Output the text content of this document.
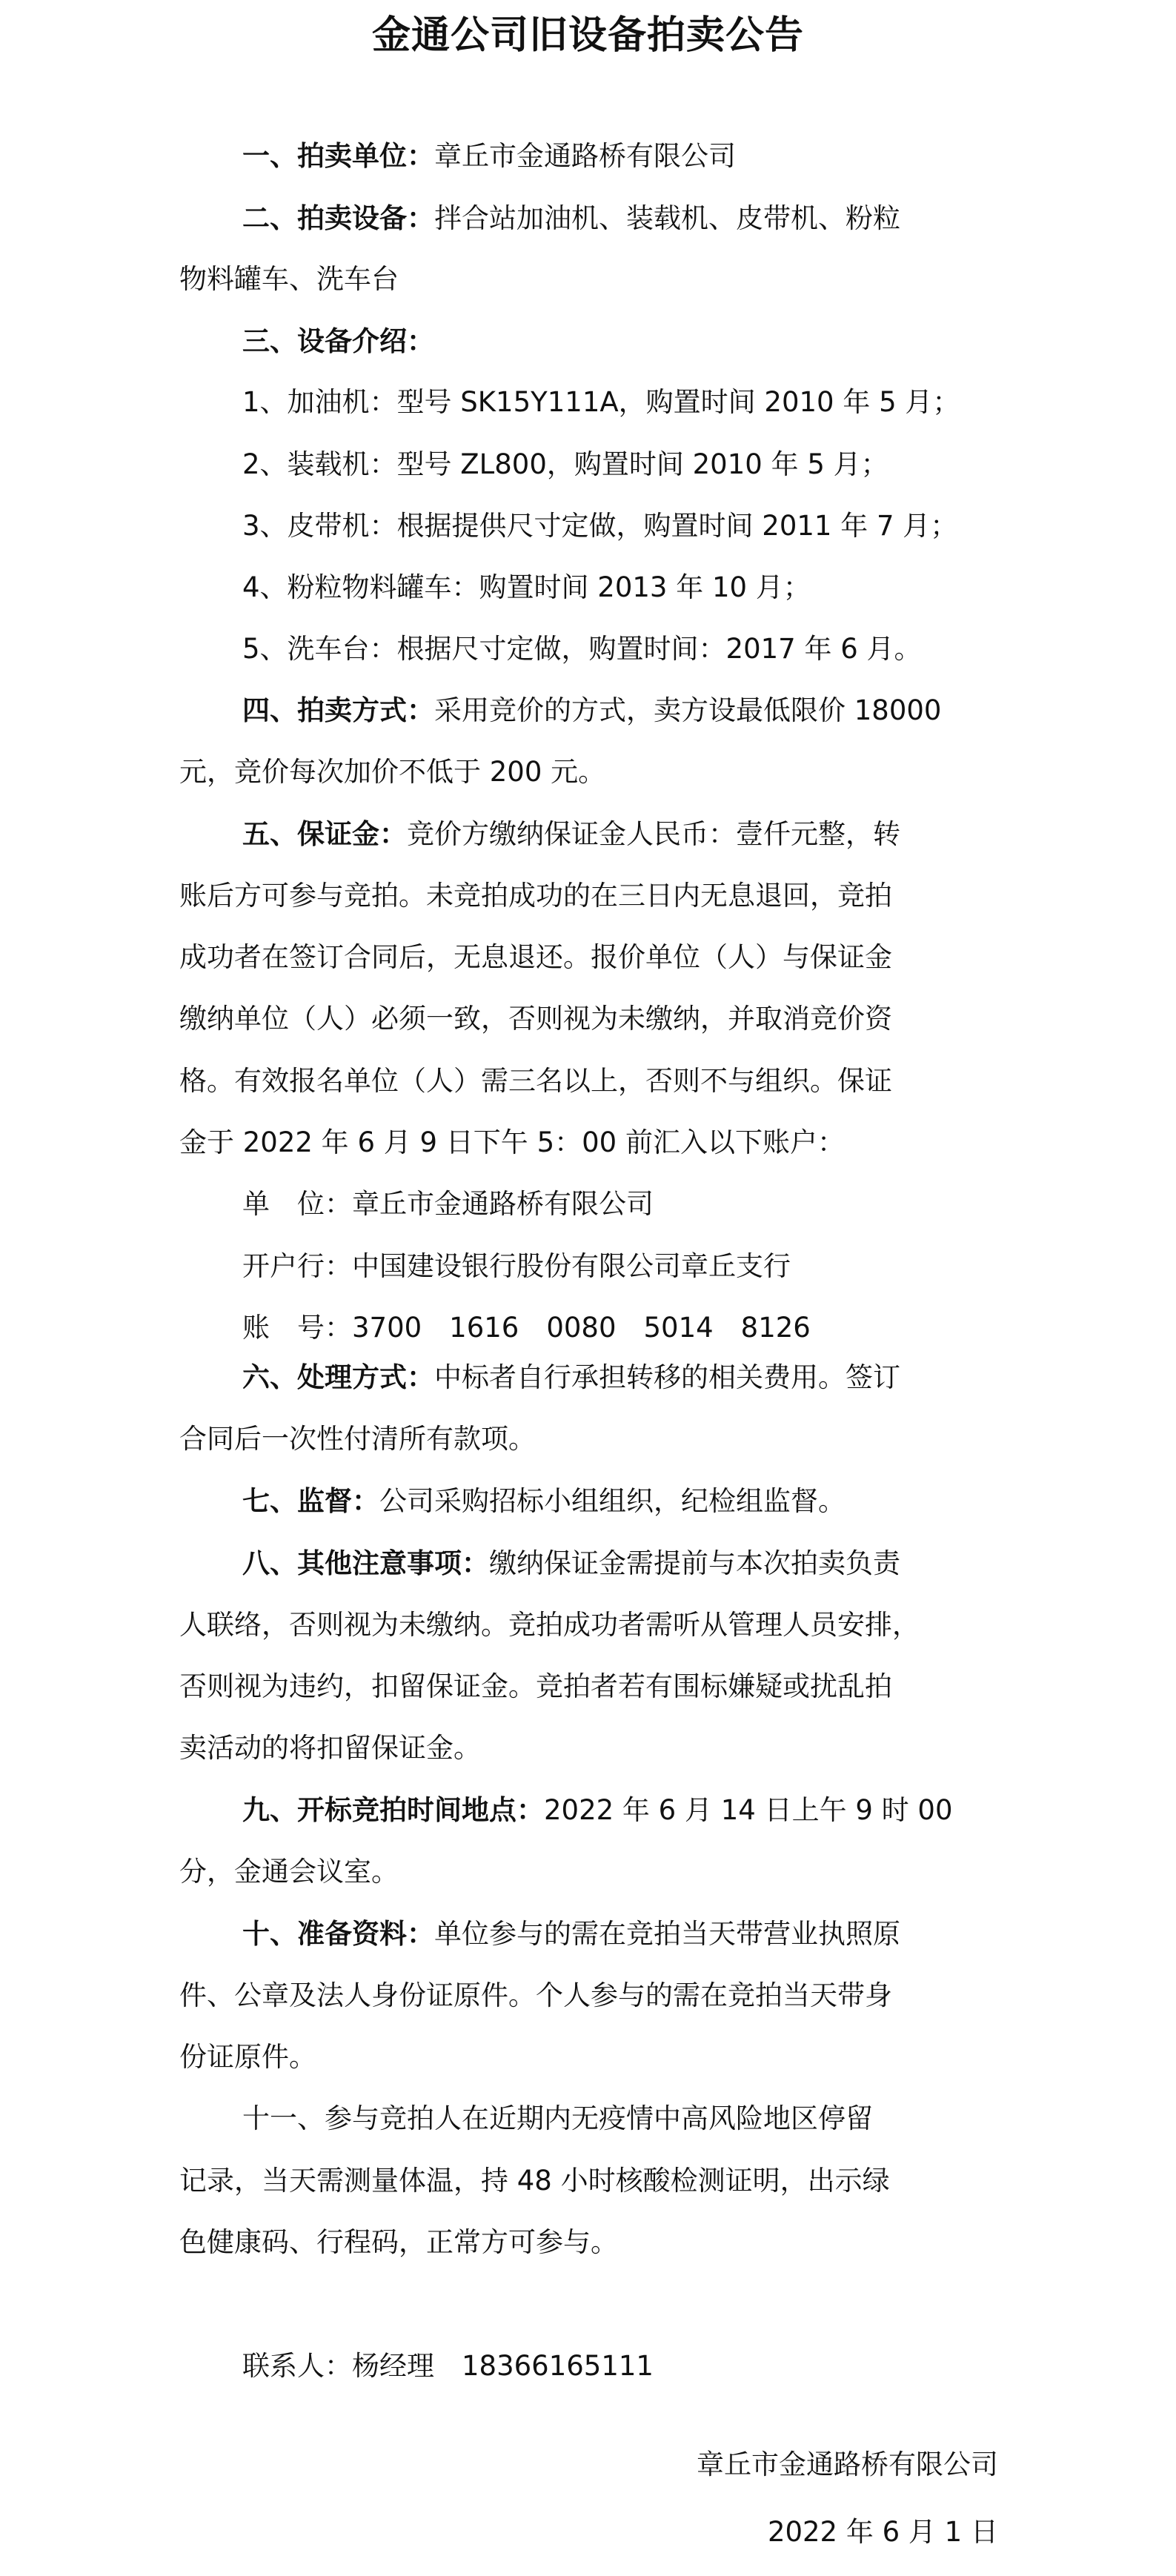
金通公司旧设备拍卖公告
一、拍卖单位：章丘市金通路桥有限公司
二、拍卖设备：拌合站加油机、装载机、皮带机、粉粒
物料罐车、洗车台
三、设备介绍：
1、加油机：型号 SK15Y111A，购置时间 2010 年 5 月；
2、装载机：型号 ZL800，购置时间 2010 年 5 月；
3、皮带机：根据提供尺寸定做，购置时间 2011 年 7 月；
4、粉粒物料罐车：购置时间 2013 年 10 月；
5、洗车台：根据尺寸定做，购置时间：2017 年 6 月。
四、拍卖方式：采用竞价的方式，卖方设最低限价 18000
元，竞价每次加价不低于 200 元。
五、保证金：竞价方缴纳保证金人民币：壹仟元整，转
账后方可参与竞拍。未竞拍成功的在三日内无息退回，竞拍
成功者在签订合同后，无息退还。报价单位（人）与保证金
缴纳单位（人）必须一致，否则视为未缴纳，并取消竞价资
格。有效报名单位（人）需三名以上，否则不与组织。保证
金于 2022 年 6 月 9 日下午 5：00 前汇入以下账户：
单　位：章丘市金通路桥有限公司
开户行：中国建设银行股份有限公司章丘支行
账　号：3700　1616　0080　5014　8126
六、处理方式：中标者自行承担转移的相关费用。签订
合同后一次性付清所有款项。
七、监督：公司采购招标小组组织，纪检组监督。
八、其他注意事项：缴纳保证金需提前与本次拍卖负责
人联络，否则视为未缴纳。竞拍成功者需听从管理人员安排，
否则视为违约，扣留保证金。竞拍者若有围标嫌疑或扰乱拍
卖活动的将扣留保证金。
九、开标竞拍时间地点：2022 年 6 月 14 日上午 9 时 00
分，金通会议室。
十、准备资料：单位参与的需在竞拍当天带营业执照原
件、公章及法人身份证原件。个人参与的需在竞拍当天带身
份证原件。
十一、参与竞拍人在近期内无疫情中高风险地区停留
记录，当天需测量体温，持 48 小时核酸检测证明，出示绿
色健康码、行程码，正常方可参与。
联系人：杨经理　18366165111
章丘市金通路桥有限公司
2022 年 6 月 1 日
